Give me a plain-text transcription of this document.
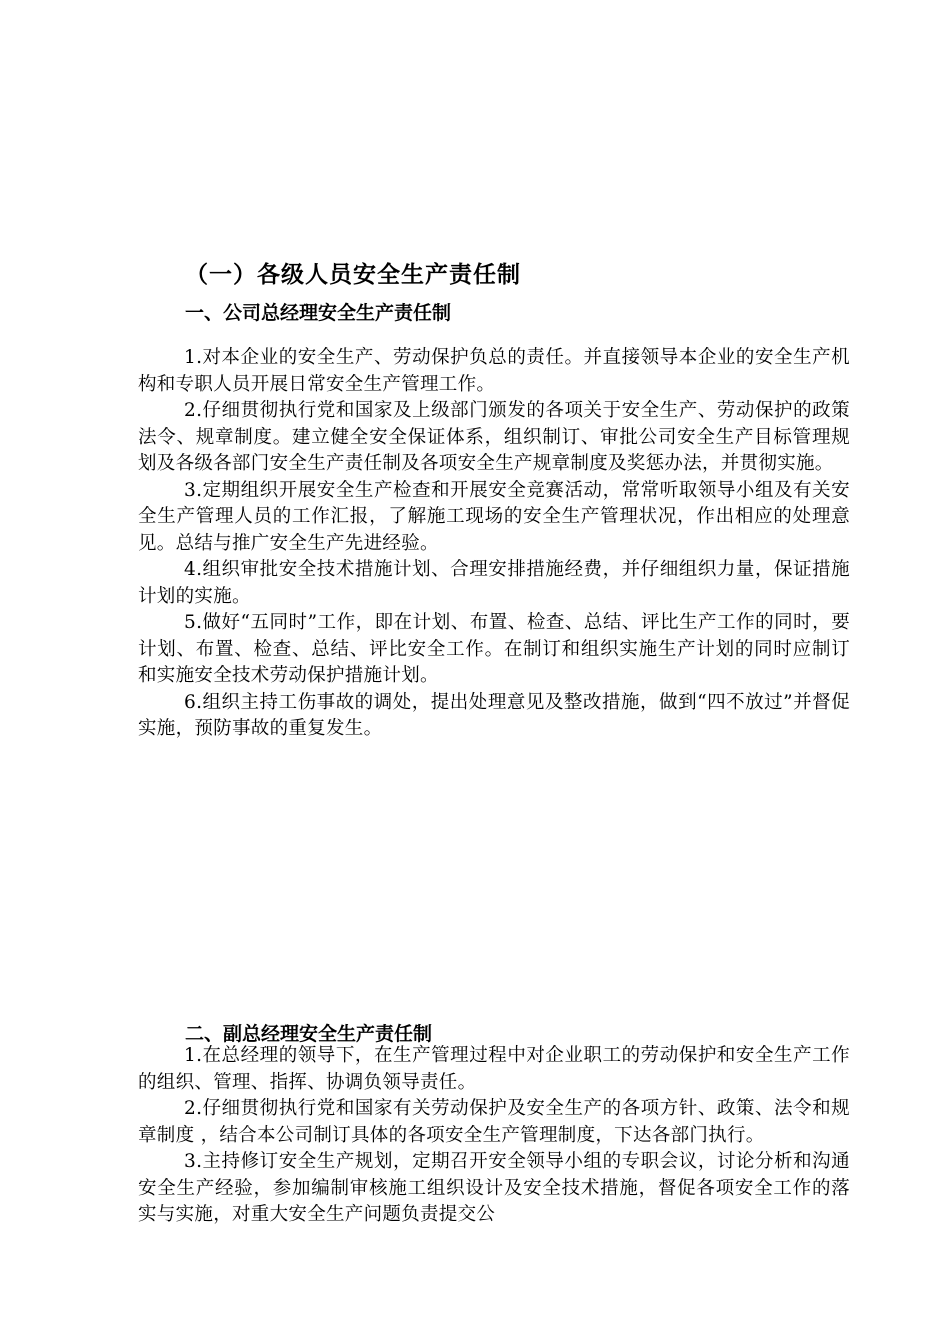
（一）各级人员安全生产责任制
一、公司总经理安全生产责任制

1.对本企业的安全生产、劳动保护负总的责任。并直接领导本企业的安全生产机构和专职人员开展日常安全生产管理工作。

2.仔细贯彻执行党和国家及上级部门颁发的各项关于安全生产、劳动保护的政策法令、规章制度。建立健全安全保证体系，组织制订、审批公司安全生产目标管理规划及各级各部门安全生产责任制及各项安全生产规章制度及奖惩办法，并贯彻实施。

3.定期组织开展安全生产检查和开展安全竞赛活动，常常听取领导小组及有关安全生产管理人员的工作汇报，了解施工现场的安全生产管理状况，作出相应的处理意见。总结与推广安全生产先进经验。

4.组织审批安全技术措施计划、合理安排措施经费，并仔细组织力量，保证措施计划的实施。

5.做好“五同时”工作，即在计划、布置、检查、总结、评比生产工作的同时，要计划、布置、检查、总结、评比安全工作。在制订和组织实施生产计划的同时应制订和实施安全技术劳动保护措施计划。

6.组织主持工伤事故的调处，提出处理意见及整改措施，做到“四不放过”并督促实施，预防事故的重复发生。

二、副总经理安全生产责任制

1.在总经理的领导下，在生产管理过程中对企业职工的劳动保护和安全生产工作的组织、管理、指挥、协调负领导责任。

2.仔细贯彻执行党和国家有关劳动保护及安全生产的各项方针、政策、法令和规章制度 ，结合本公司制订具体的各项安全生产管理制度，下达各部门执行。

3.主持修订安全生产规划，定期召开安全领导小组的专职会议，讨论分析和沟通安全生产经验，参加编制审核施工组织设计及安全技术措施，督促各项安全工作的落实与实施，对重大安全生产问题负责提交公
